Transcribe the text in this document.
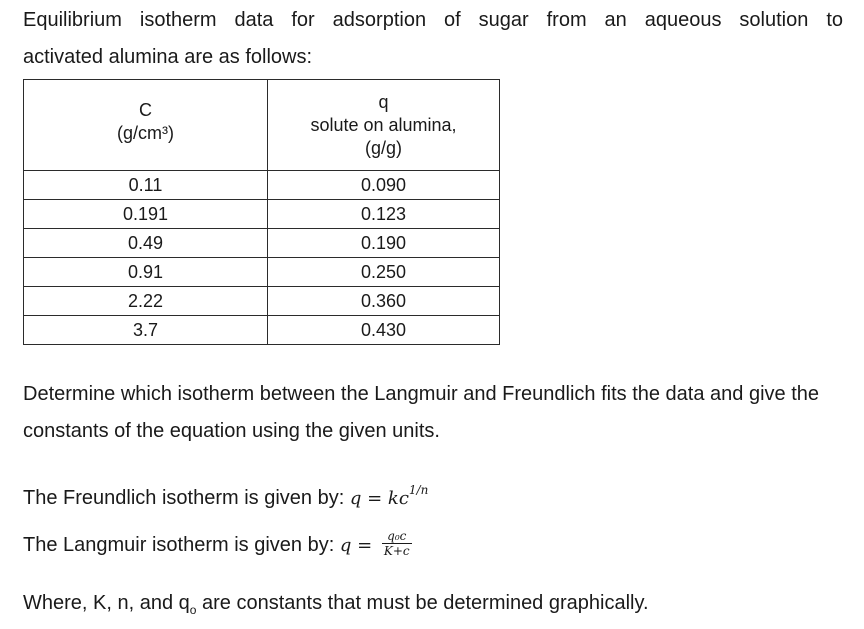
Equilibrium isotherm data for adsorption of sugar from an aqueous solution to
activated alumina are as follows:

C
(g/cm³)	q
solute on alumina,
(g/g)

0.11	0.090
0.191	0.123
0.49	0.190
0.91	0.250
2.22	0.360
3.7	0.430

Determine which isotherm between the Langmuir and Freundlich fits the data and give the constants of the equation using the given units.

The Freundlich isotherm is given by: $q = kc^{1/n}$

The Langmuir isotherm is given by: $q = \frac{\text{q₀c}}{K+c}$

Where, K, n, and $q_o$ are constants that must be determined graphically.
